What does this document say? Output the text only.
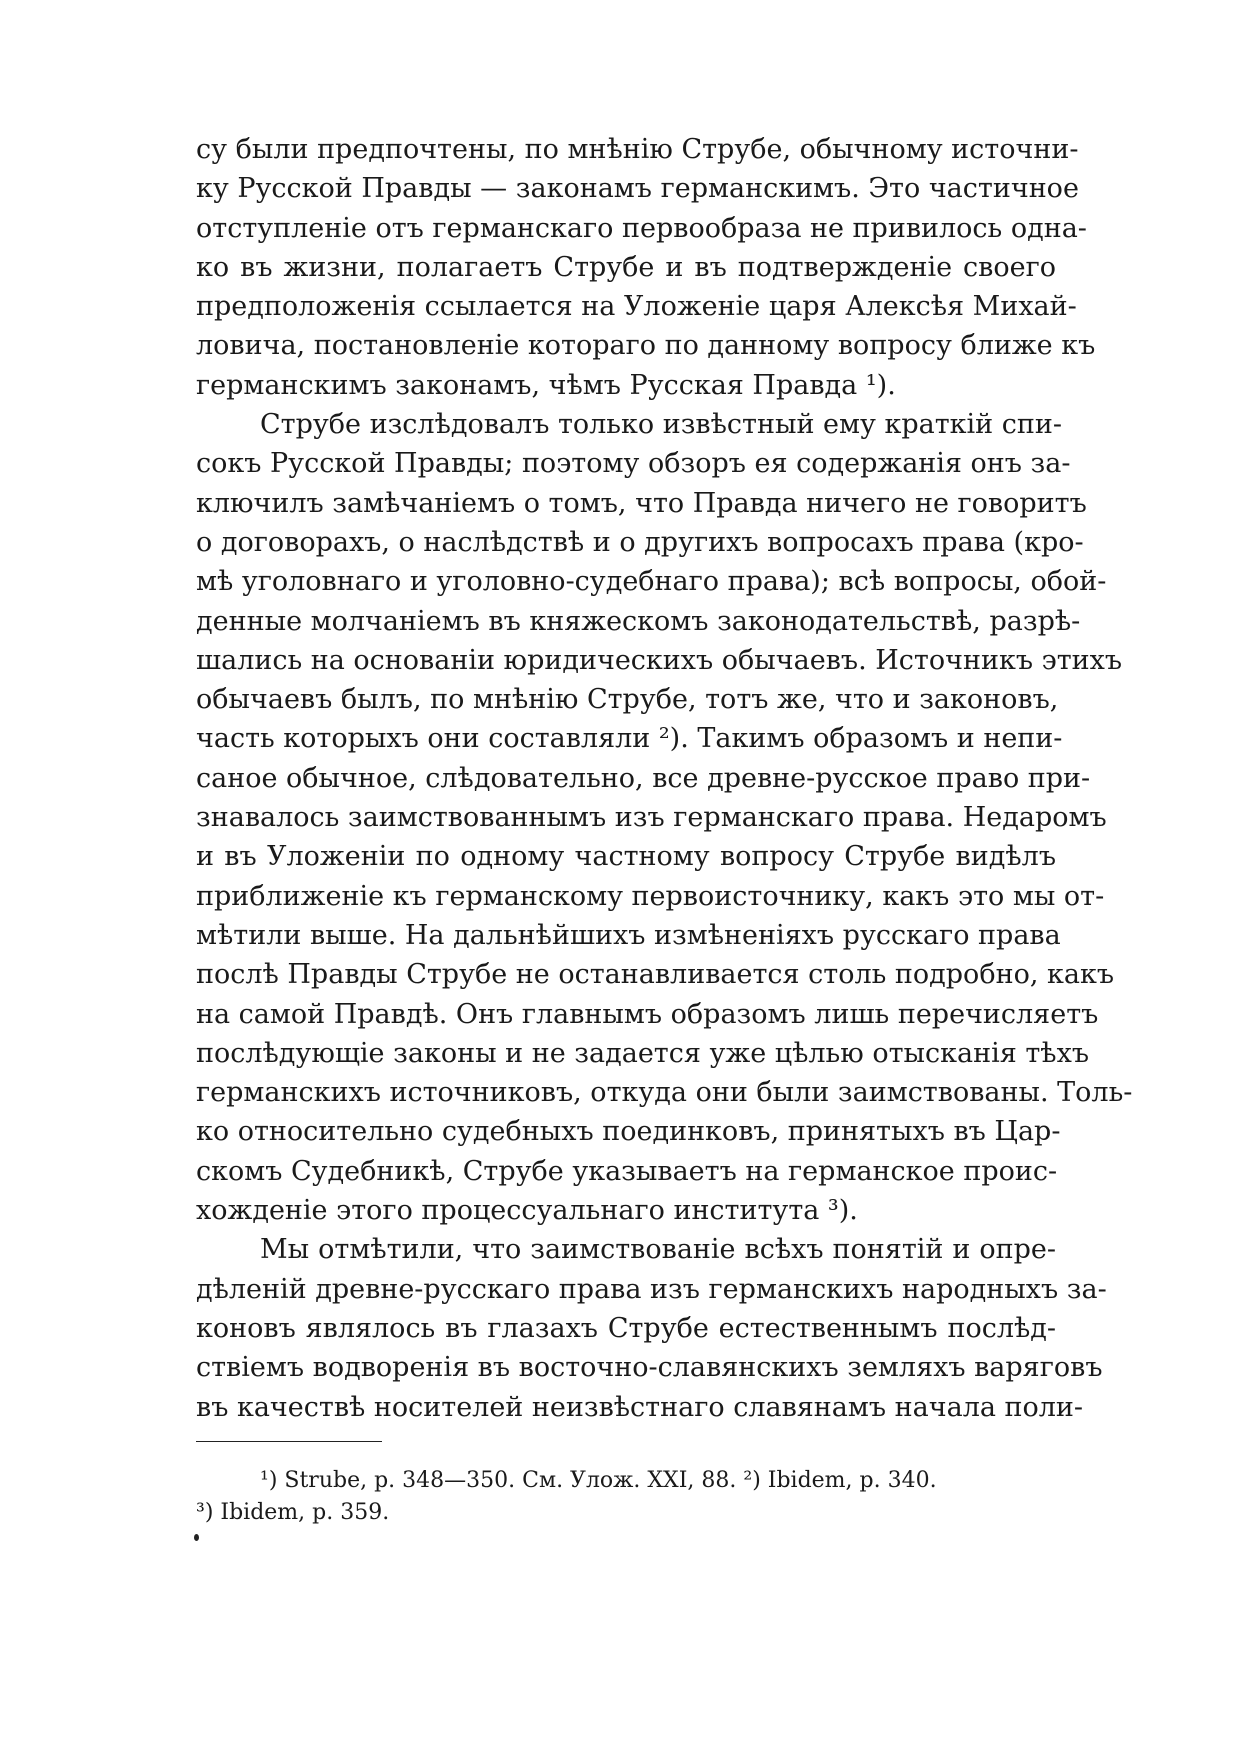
су были предпочтены, по мнѣнію Струбе, обычному источни-
ку Русской Правды — законамъ германскимъ. Это частичное
отступленіе отъ германскаго первообраза не привилось одна-
ко въ жизни, полагаетъ Струбе и въ подтвержденіе своего
предположенія ссылается на Уложеніе царя Алексѣя Михай-
ловича, постановленіе котораго по данному вопросу ближе къ
германскимъ законамъ, чѣмъ Русская Правда ¹).
Струбе изслѣдовалъ только извѣстный ему краткій спи-
сокъ Русской Правды; поэтому обзоръ ея содержанія онъ за-
ключилъ замѣчаніемъ о томъ, что Правда ничего не говоритъ
о договорахъ, о наслѣдствѣ и о другихъ вопросахъ права (кро-
мѣ уголовнаго и уголовно-судебнаго права); всѣ вопросы, обой-
денные молчаніемъ въ княжескомъ законодательствѣ, разрѣ-
шались на основаніи юридическихъ обычаевъ. Источникъ этихъ
обычаевъ былъ, по мнѣнію Струбе, тотъ же, что и законовъ,
часть которыхъ они составляли ²). Такимъ образомъ и непи-
саное обычное, слѣдовательно, все древне-русское право при-
знавалось заимствованнымъ изъ германскаго права. Недаромъ
и въ Уложеніи по одному частному вопросу Струбе видѣлъ
приближеніе къ германскому первоисточнику, какъ это мы от-
мѣтили выше. На дальнѣйшихъ измѣненіяхъ русскаго права
послѣ Правды Струбе не останавливается столь подробно, какъ
на самой Правдѣ. Онъ главнымъ образомъ лишь перечисляетъ
послѣдующіе законы и не задается уже цѣлью отысканія тѣхъ
германскихъ источниковъ, откуда они были заимствованы. Толь-
ко относительно судебныхъ поединковъ, принятыхъ въ Цар-
скомъ Судебникѣ, Струбе указываетъ на германское проис-
хожденіе этого процессуальнаго института ³).
Мы отмѣтили, что заимствованіе всѣхъ понятій и опре-
дѣленій древне-русскаго права изъ германскихъ народныхъ за-
коновъ являлось въ глазахъ Струбе естественнымъ послѣд-
ствіемъ водворенія въ восточно-славянскихъ земляхъ варяговъ
въ качествѣ носителей неизвѣстнаго славянамъ начала поли-
¹) Strube, p. 348—350. См. Улож. XXI, 88. ²) Ibidem, p. 340.
³) Ibidem, p. 359.
